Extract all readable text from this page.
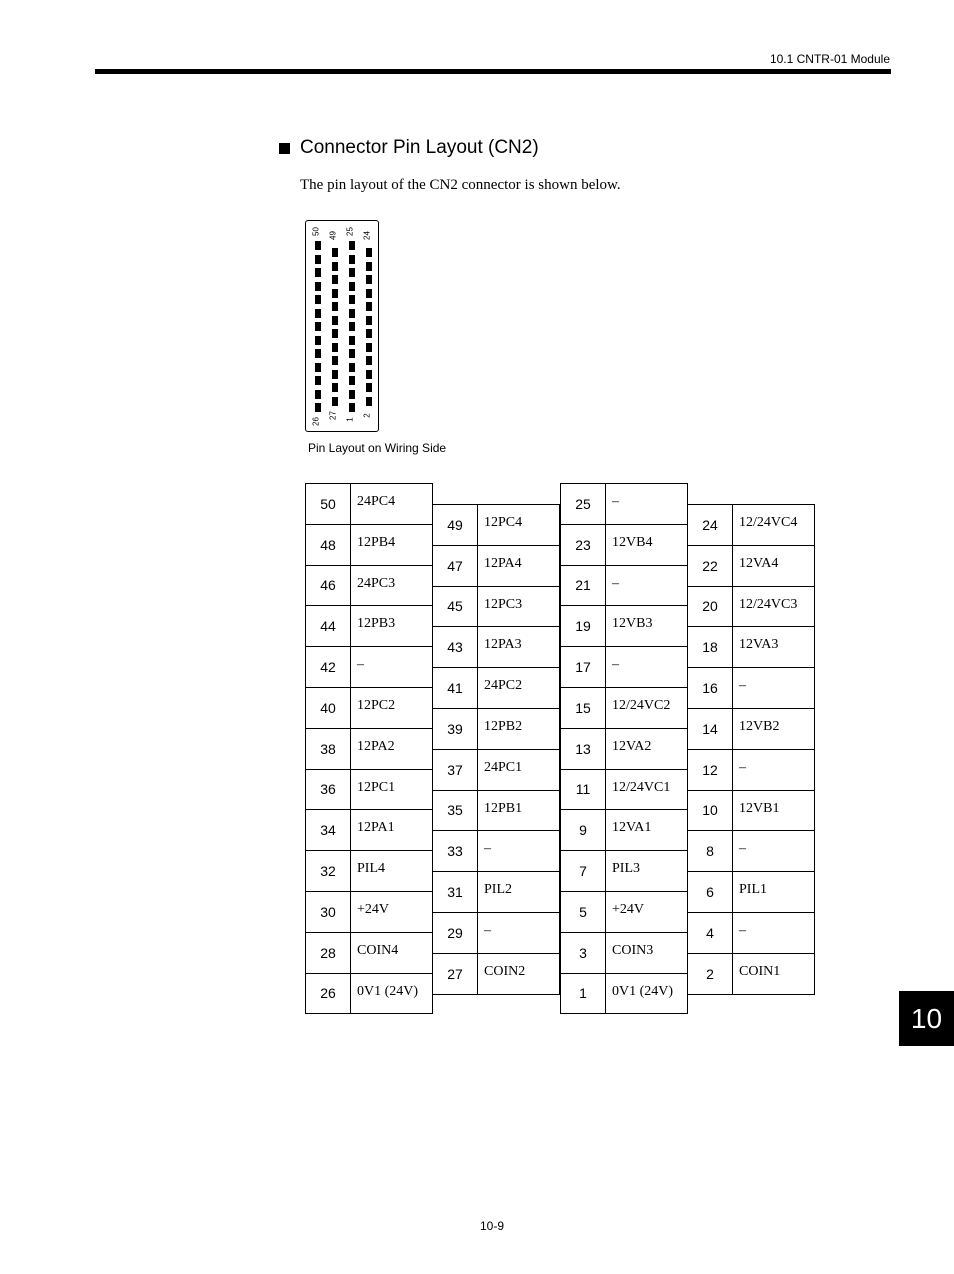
10.1 CNTR-01 Module
Connector Pin Layout (CN2)
The pin layout of the CN2 connector is shown below.
50 49 25 24
26
27 1
2
Pin Layout on Wiring Side
50	24PC4
48	12PB4
46	24PC3
44	12PB3
42	–
40	12PC2
38	12PA2
36	12PC1
34	12PA1
32	PIL4
30	+24V
28	COIN4
26	0V1 (24V)
49	12PC4
47	12PA4
45	12PC3
43	12PA3
41	24PC2
39	12PB2
37	24PC1
35	12PB1
33	–
31	PIL2
29	–
27	COIN2
25	–
23	12VB4
21	–
19	12VB3
17	–
15	12/24VC2
13	12VA2
11	12/24VC1
9	12VA1
7	PIL3
5	+24V
3	COIN3
1	0V1 (24V)
24	12/24VC4
22	12VA4
20	12/24VC3
18	12VA3
16	–
14	12VB2
12	–
10	12VB1
8	–
6	PIL1
4	–
2	COIN1
10
10-9
